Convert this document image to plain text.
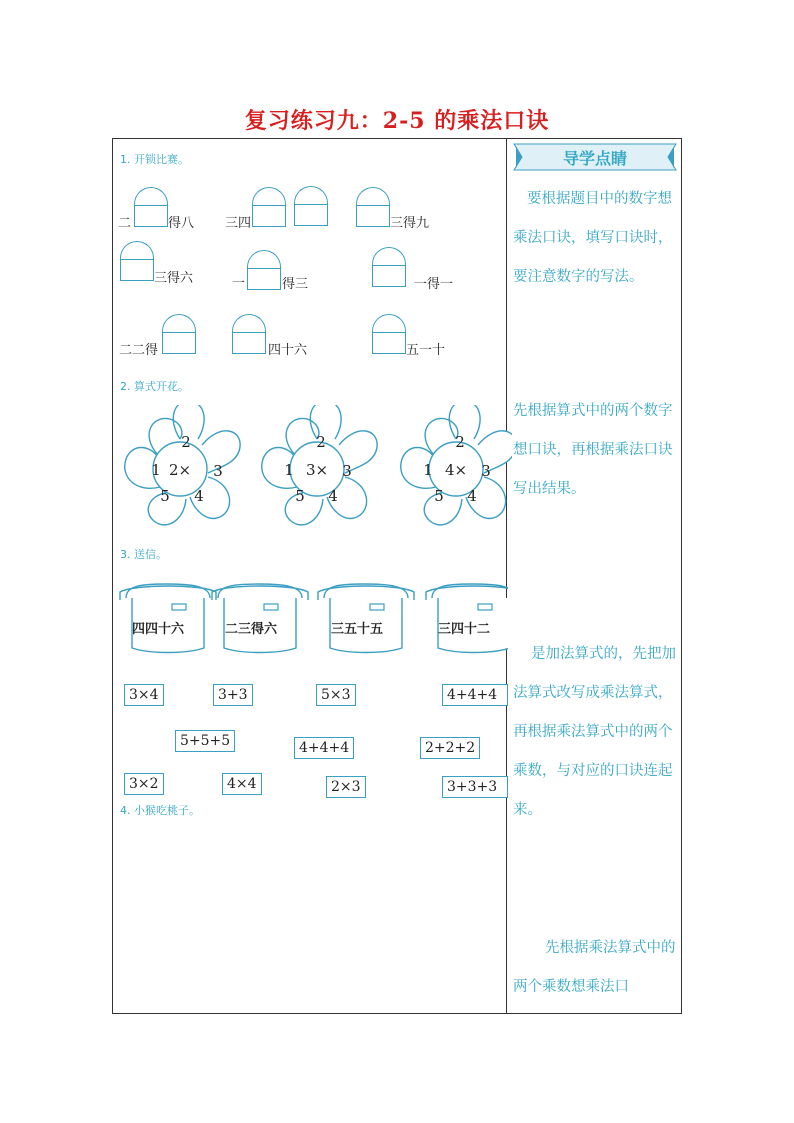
复习练习九：2-5 的乘法口诀
1. 开锁比赛。
二	得八 三四	三得九
三得六	一	得三	一得一
二二得	四十六	五一十
2. 算式开花。
2×
2
3
4
5
1	3×
2
3
4
5
1	4×
2
3
4
5
1
3. 送信。
四四十六	二三得六	三五十五	三四十二
3×4	3+3	5×3	4+4+4
5+5+5	4+4+4	2+2+2
3×2	4×4	2×3	3+3+3
4. 小猴吃桃子。
导学点睛
要根据题目中的数字想乘法口诀，填写口诀时，要注意数字的写法。
先根据算式中的两个数字想口诀，再根据乘法口诀写出结果。
是加法算式的，先把加法算式改写成乘法算式，再根据乘法算式中的两个乘数，与对应的口诀连起来。
先根据乘法算式中的两个乘数想乘法口
